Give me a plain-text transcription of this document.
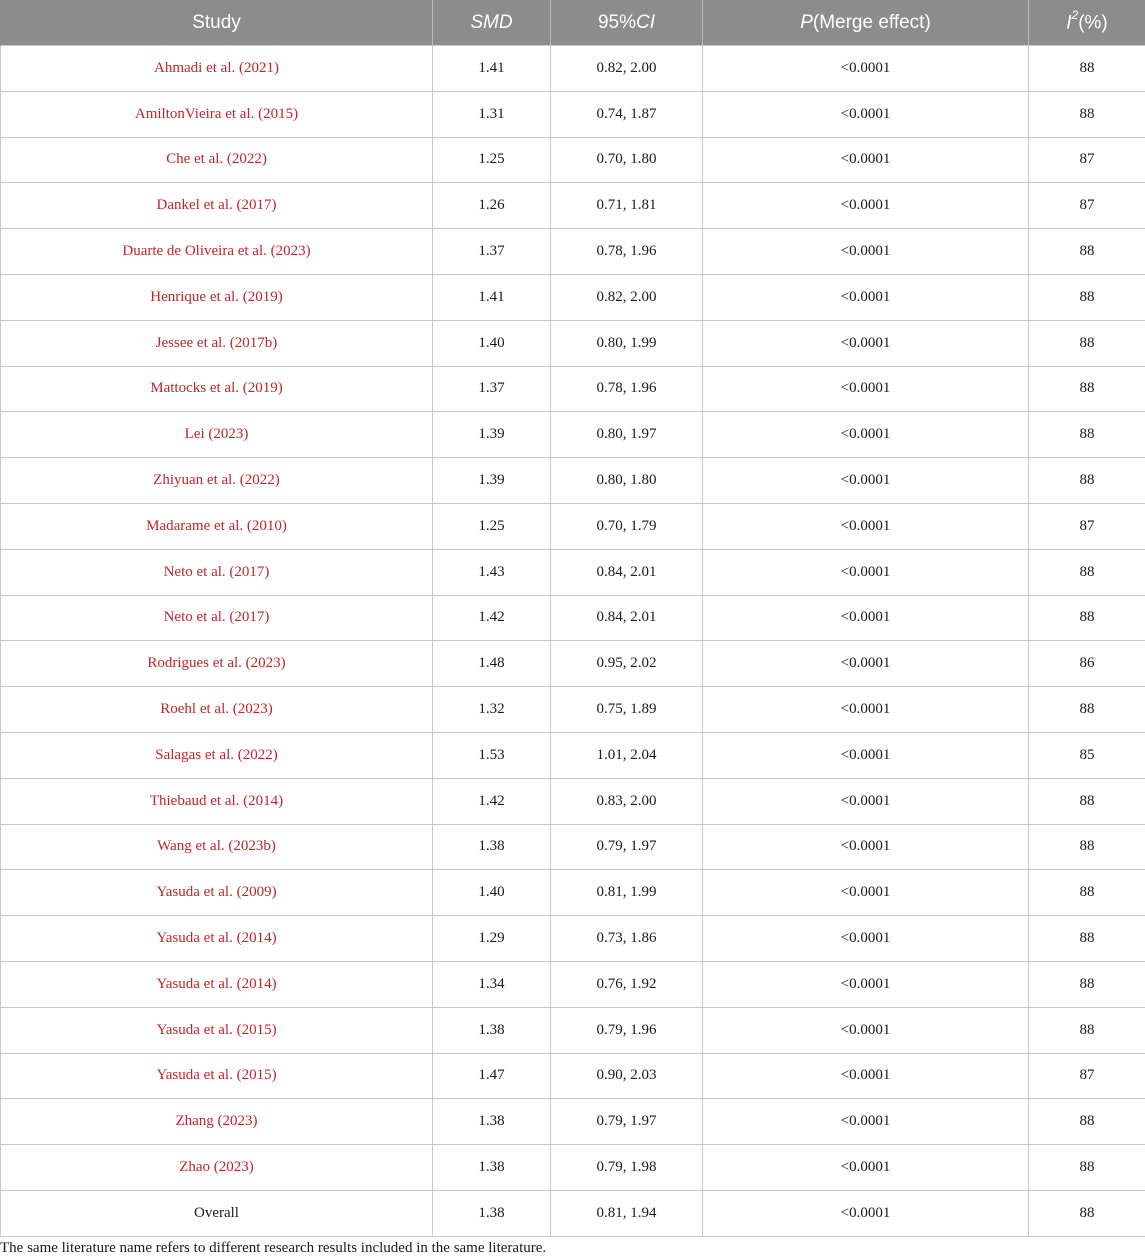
Study	SMD	95%CI	P(Merge effect)	$I^2(\%)$
Ahmadi et al. (2021)	1.41	0.82, 2.00	<0.0001	88
AmiltonVieira et al. (2015)	1.31	0.74, 1.87	<0.0001	88
Che et al. (2022)	1.25	0.70, 1.80	<0.0001	87
Dankel et al. (2017)	1.26	0.71, 1.81	<0.0001	87
Duarte de Oliveira et al. (2023)	1.37	0.78, 1.96	<0.0001	88
Henrique et al. (2019)	1.41	0.82, 2.00	<0.0001	88
Jessee et al. (2017b)	1.40	0.80, 1.99	<0.0001	88
Mattocks et al. (2019)	1.37	0.78, 1.96	<0.0001	88
Lei (2023)	1.39	0.80, 1.97	<0.0001	88
Zhiyuan et al. (2022)	1.39	0.80, 1.80	<0.0001	88
Madarame et al. (2010)	1.25	0.70, 1.79	<0.0001	87
Neto et al. (2017)	1.43	0.84, 2.01	<0.0001	88
Neto et al. (2017)	1.42	0.84, 2.01	<0.0001	88
Rodrigues et al. (2023)	1.48	0.95, 2.02	<0.0001	86
Roehl et al. (2023)	1.32	0.75, 1.89	<0.0001	88
Salagas et al. (2022)	1.53	1.01, 2.04	<0.0001	85
Thiebaud et al. (2014)	1.42	0.83, 2.00	<0.0001	88
Wang et al. (2023b)	1.38	0.79, 1.97	<0.0001	88
Yasuda et al. (2009)	1.40	0.81, 1.99	<0.0001	88
Yasuda et al. (2014)	1.29	0.73, 1.86	<0.0001	88
Yasuda et al. (2014)	1.34	0.76, 1.92	<0.0001	88
Yasuda et al. (2015)	1.38	0.79, 1.96	<0.0001	88
Yasuda et al. (2015)	1.47	0.90, 2.03	<0.0001	87
Zhang (2023)	1.38	0.79, 1.97	<0.0001	88
Zhao (2023)	1.38	0.79, 1.98	<0.0001	88
Overall	1.38	0.81, 1.94	<0.0001	88
The same literature name refers to different research results included in the same literature.
